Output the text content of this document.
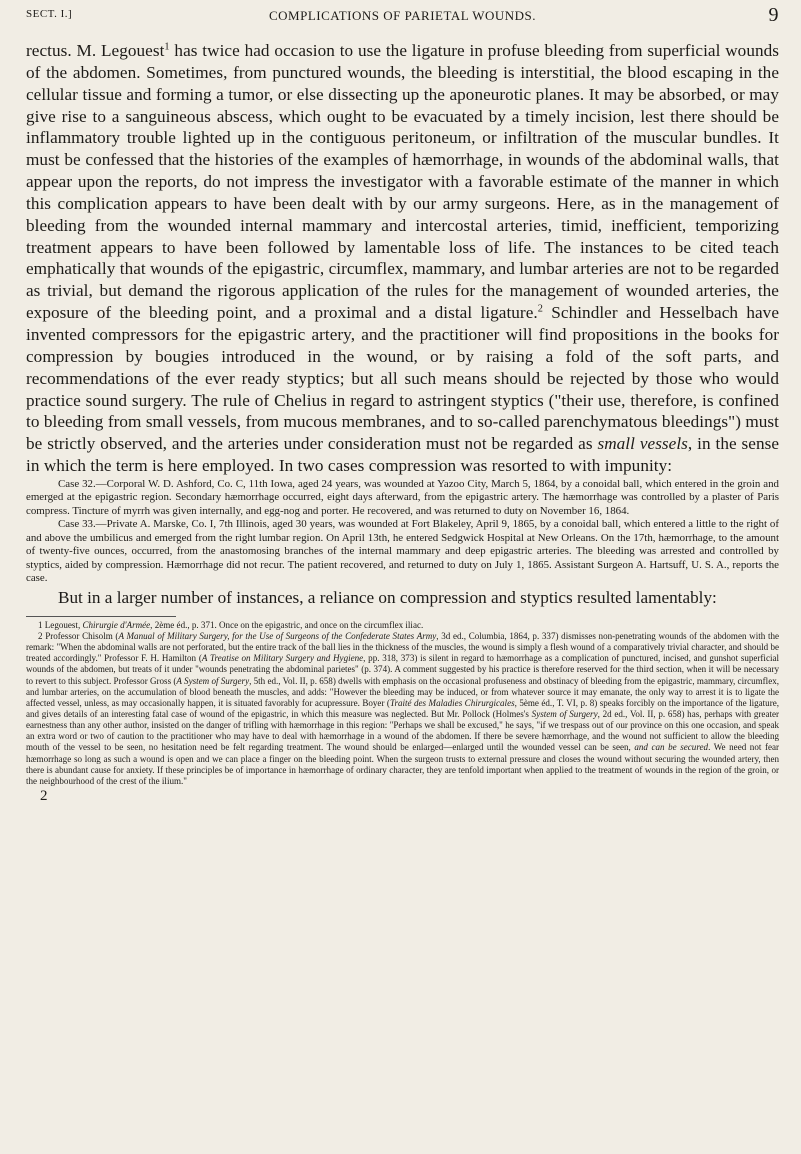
SECT. I.]	COMPLICATIONS OF PARIETAL WOUNDS.	9

rectus. M. Legouest$^1$ has twice had occasion to use the ligature in profuse bleeding from superficial wounds of the abdomen. Sometimes, from punctured wounds, the bleeding is interstitial, the blood escaping in the cellular tissue and forming a tumor, or else dissecting up the aponeurotic planes. It may be absorbed, or may give rise to a sanguineous abscess, which ought to be evacuated by a timely incision, lest there should be inflammatory trouble lighted up in the contiguous peritoneum, or infiltration of the muscular bundles. It must be confessed that the histories of the examples of hæmorrhage, in wounds of the abdominal walls, that appear upon the reports, do not impress the investigator with a favorable estimate of the manner in which this complication appears to have been dealt with by our army surgeons. Here, as in the management of bleeding from the wounded internal mammary and intercostal arteries, timid, inefficient, temporizing treatment appears to have been followed by lamentable loss of life. The instances to be cited teach emphatically that wounds of the epigastric, circumflex, mammary, and lumbar arteries are not to be regarded as trivial, but demand the rigorous application of the rules for the management of wounded arteries, the exposure of the bleeding point, and a proximal and a distal ligature.$^2$ Schindler and Hesselbach have invented compressors for the epigastric artery, and the practitioner will find propositions in the books for compression by bougies introduced in the wound, or by raising a fold of the soft parts, and recommendations of the ever ready styptics; but all such means should be rejected by those who would practice sound surgery. The rule of Chelius in regard to astringent styptics ("their use, therefore, is confined to bleeding from small vessels, from mucous membranes, and to so-called parenchymatous bleedings") must be strictly observed, and the arteries under consideration must not be regarded as small vessels, in the sense in which the term is here employed. In two cases compression was resorted to with impunity:

Case 32.—Corporal W. D. Ashford, Co. C, 11th Iowa, aged 24 years, was wounded at Yazoo City, March 5, 1864, by a conoidal ball, which entered in the groin and emerged at the epigastric region. Secondary hæmorrhage occurred, eight days afterward, from the epigastric artery. The hæmorrhage was controlled by a plaster of Paris compress. Tincture of myrrh was given internally, and egg-nog and porter. He recovered, and was returned to duty on November 16, 1864.

Case 33.—Private A. Marske, Co. I, 7th Illinois, aged 30 years, was wounded at Fort Blakeley, April 9, 1865, by a conoidal ball, which entered a little to the right of and above the umbilicus and emerged from the right lumbar region. On April 13th, he entered Sedgwick Hospital at New Orleans. On the 17th, hæmorrhage, to the amount of twenty-five ounces, occurred, from the anastomosing branches of the internal mammary and deep epigastric arteries. The bleeding was arrested and controlled by styptics, aided by compression. Hæmorrhage did not recur. The patient recovered, and returned to duty on July 1, 1865. Assistant Surgeon A. Hartsuff, U. S. A., reports the case.

But in a larger number of instances, a reliance on compression and styptics resulted lamentably:

1 Legouest, Chirurgie d'Armée, 2ème éd., p. 371. Once on the epigastric, and once on the circumflex iliac.

2 Professor Chisolm (A Manual of Military Surgery, for the Use of Surgeons of the Confederate States Army, 3d ed., Columbia, 1864, p. 337) dismisses non-penetrating wounds of the abdomen with the remark: "When the abdominal walls are not perforated, but the entire track of the ball lies in the thickness of the muscles, the wound is simply a flesh wound of a comparatively trivial character, and should be treated accordingly." Professor F. H. Hamilton (A Treatise on Military Surgery and Hygiene, pp. 318, 373) is silent in regard to hæmorrhage as a complication of punctured, incised, and gunshot superficial wounds of the abdomen, but treats of it under "wounds penetrating the abdominal parietes" (p. 374). A comment suggested by his practice is therefore reserved for the third section, when it will be necessary to revert to this subject. Professor Gross (A System of Surgery, 5th ed., Vol. II, p. 658) dwells with emphasis on the occasional profuseness and obstinacy of bleeding from the epigastric, mammary, circumflex, and lumbar arteries, on the accumulation of blood beneath the muscles, and adds: "However the bleeding may be induced, or from whatever source it may emanate, the only way to arrest it is to ligate the affected vessel, unless, as may occasionally happen, it is situated favorably for acupressure. Boyer (Traité des Maladies Chirurgicales, 5ème éd., T. VI, p. 8) speaks forcibly on the importance of the ligature, and gives details of an interesting fatal case of wound of the epigastric, in which this measure was neglected. But Mr. Pollock (Holmes's System of Surgery, 2d ed., Vol. II, p. 658) has, perhaps with greater earnestness than any other author, insisted on the danger of trifling with hæmorrhage in this region: "Perhaps we shall be excused," he says, "if we trespass out of our province on this one occasion, and speak an extra word or two of caution to the practitioner who may have to deal with hæmorrhage in a wound of the abdomen. If there be severe hæmorrhage, and the wound not sufficient to allow the bleeding mouth of the vessel to be seen, no hesitation need be felt regarding treatment. The wound should be enlarged—enlarged until the wounded vessel can be seen, and can be secured. We need not fear hæmorrhage so long as such a wound is open and we can place a finger on the bleeding point. When the surgeon trusts to external pressure and closes the wound without securing the wounded artery, then there is abundant cause for anxiety. If these principles be of importance in hæmorrhage of ordinary character, they are tenfold important when applied to the treatment of wounds in the region of the groin, or the neighbourhood of the crest of the ilium."

2
